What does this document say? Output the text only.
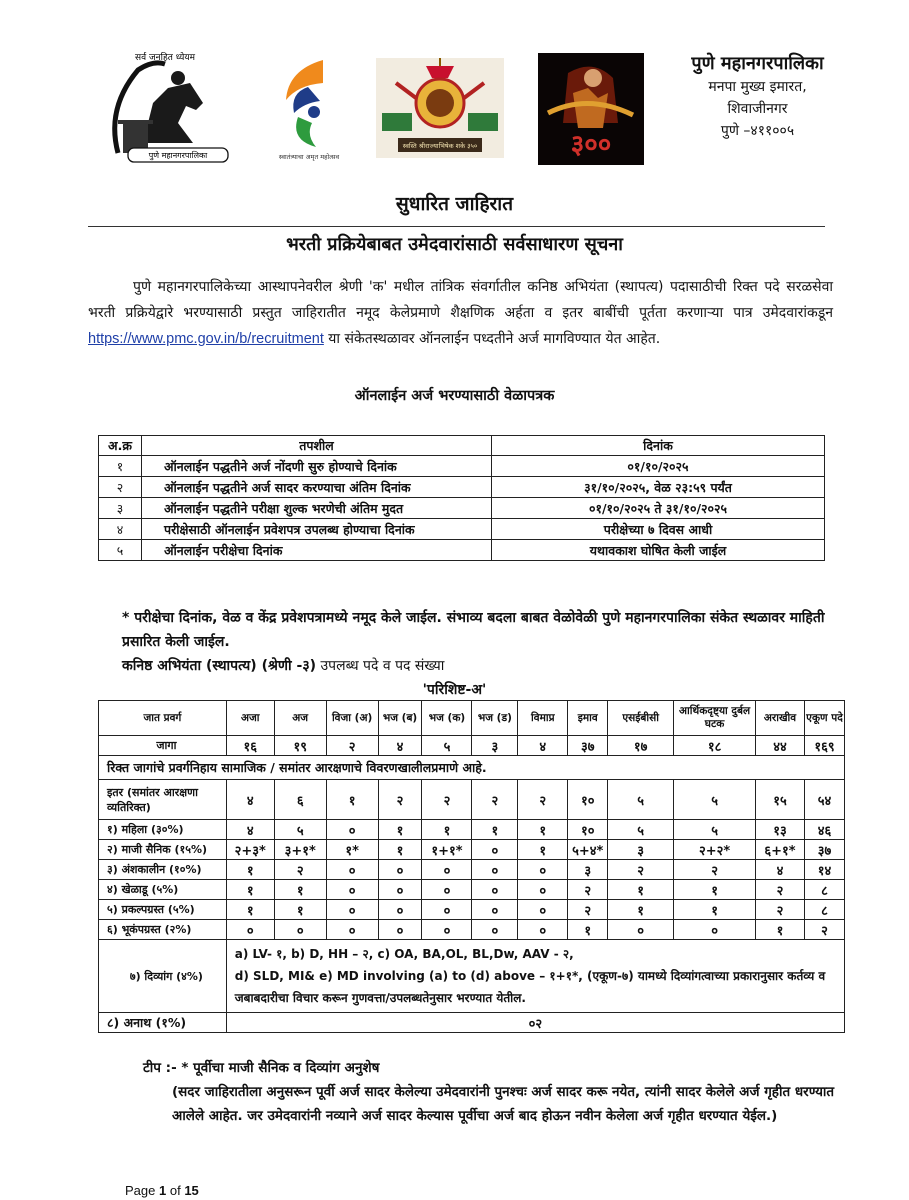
सर्व जनहित ध्येयम
पुणे महानगरपालिका	स्वातंत्र्याचा अमृत महोत्सव
स्वस्ति श्रीराज्याभिषेक शके ३५०	३००
पुणे महानगरपालिका
मनपा मुख्य इमारत,
शिवाजीनगर
पुणे –४११००५
सुधारित जाहिरात
भरती प्रक्रियेबाबत उमेदवारांसाठी सर्वसाधारण सूचना
पुणे महानगरपालिकेच्या आस्थापनेवरील श्रेणी 'क' मधील तांत्रिक संवर्गातील कनिष्ठ अभियंता (स्थापत्य) पदासाठीची रिक्त पदे सरळसेवा भरती प्रक्रियेद्वारे भरण्यासाठी प्रस्तुत जाहिरातीत नमूद केलेप्रमाणे शैक्षणिक अर्हता व इतर बाबींची पूर्तता करणाऱ्या पात्र उमेदवारांकडून https://www.pmc.gov.in/b/recruitment या संकेतस्थळावर ऑनलाईन पध्दतीने अर्ज मागविण्यात येत आहेत.
ऑनलाईन अर्ज भरण्यासाठी वेळापत्रक
अ.क्र	तपशील	दिनांक
१	ऑनलाईन पद्धतीने अर्ज नोंदणी सुरु होण्याचे दिनांक	०१/१०/२०२५
२	ऑनलाईन पद्धतीने अर्ज सादर करण्याचा अंतिम दिनांक	३१/१०/२०२५, वेळ २३:५९ पर्यंत
३	ऑनलाईन पद्धतीने परीक्षा शुल्क भरणेची अंतिम मुदत	०१/१०/२०२५ ते ३१/१०/२०२५
४	परीक्षेसाठी ऑनलाईन प्रवेशपत्र उपलब्ध होण्याचा दिनांक	परीक्षेच्या ७ दिवस आधी
५	ऑनलाईन परीक्षेचा दिनांक	यथावकाश घोषित केली जाईल
* परीक्षेचा दिनांक, वेळ व केंद्र प्रवेशपत्रामध्ये नमूद केले जाईल. संभाव्य बदला बाबत वेळोवेळी पुणे महानगरपालिका संकेत स्थळावर माहिती प्रसारित केली जाईल.
कनिष्ठ अभियंता (स्थापत्य) (श्रेणी -३) उपलब्ध पदे व पद संख्या
'परिशिष्ट-अ'
जात प्रवर्ग	अजा	अज	विजा (अ)	भज (ब)	भज (क)	भज (ड)	विमाप्र	इमाव	एसईबीसी	आर्थिकदृष्ट्या दुर्बल घटक	अराखीव	एकूण पदे
जागा	१६	१९	२	४	५	३	४	३७	१७	१८	४४	१६९
रिक्त जागांचे प्रवर्गनिहाय सामाजिक / समांतर आरक्षणाचे विवरणखालीलप्रमाणे आहे.												
इतर (समांतर आरक्षणा व्यतिरिक्त)	४	६	१	२	२	२	२	१०	५	५	१५	५४
१) महिला (३०%)	४	५	०	१	१	१	१	१०	५	५	१३	४६
२) माजी सैनिक (१५%)	२+३*	३+१*	१*	१	१+१*	०	१	५+४*	३	२+२*	६+१*	३७
३) अंशकालीन (१०%)	१	२	०	०	०	०	०	३	२	२	४	१४
४) खेळाडू (५%)	१	१	०	०	०	०	०	२	१	१	२	८
५) प्रकल्पग्रस्त (५%)	१	१	०	०	०	०	०	२	१	१	२	८
६) भूकंपग्रस्त (२%)	०	०	०	०	०	०	०	१	०	०	१	२
७) दिव्यांग (४%)	a) LV- १, b) D, HH – २, c) OA, BA,OL, BL,Dw, AAV - २,
d) SLD, MI& e) MD involving (a) to (d) above – १+१*, (एकूण-७) यामध्ये दिव्यांगत्वाच्या प्रकारानुसार कर्तव्य व जबाबदारीचा विचार करून गुणवत्ता/उपलब्धतेनुसार भरण्यात येतील.											

८) अनाथ (१%)	०२											
टीप :- * पूर्वीचा माजी सैनिक व दिव्यांग अनुशेष
(सदर जाहिरातीला अनुसरून पूर्वी अर्ज सादर केलेल्या उमेदवारांनी पुनश्चः अर्ज सादर करू नयेत, त्यांनी सादर केलेले अर्ज गृहीत धरण्यात आलेले आहेत. जर उमेदवारांनी नव्याने अर्ज सादर केल्यास पूर्वीचा अर्ज बाद होऊन नवीन केलेला अर्ज गृहीत धरण्यात येईल.)
Page 1 of 15
